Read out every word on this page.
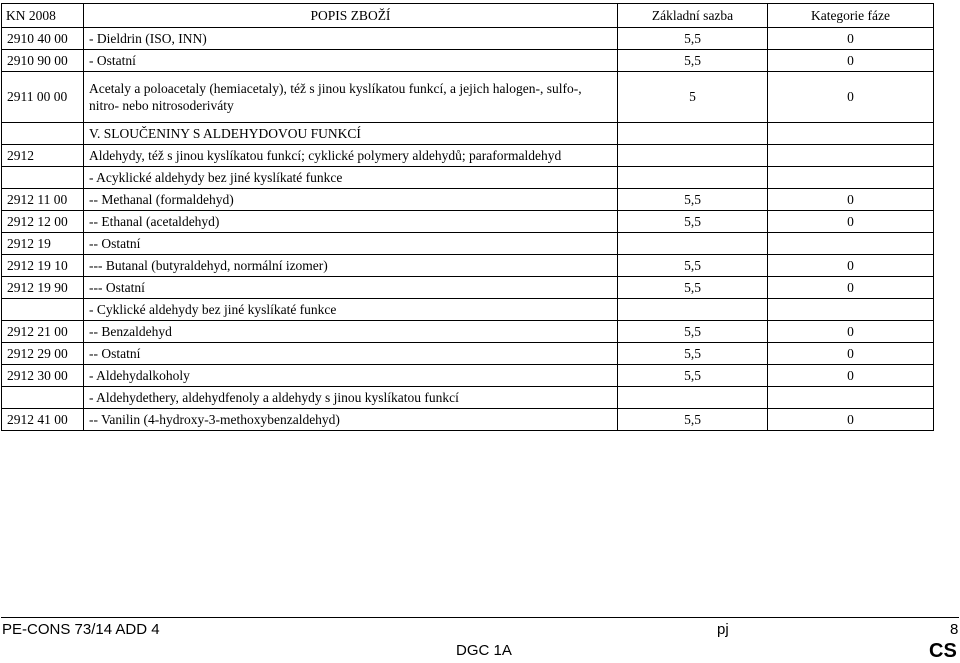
KN 2008	POPIS ZBOŽÍ	Základní sazba	Kategorie fáze
2910 40 00	- Dieldrin (ISO, INN)	5,5	0
2910 90 00	- Ostatní	5,5	0
2911 00 00	Acetaly a poloacetaly (hemiacetaly), též s jinou kyslíkatou funkcí, a jejich halogen-, sulfo-, nitro- nebo nitrosoderiváty	5	0
	V. SLOUČENINY S ALDEHYDOVOU FUNKCÍ		
2912	Aldehydy, též s jinou kyslíkatou funkcí; cyklické polymery aldehydů; paraformaldehyd		
	- Acyklické aldehydy bez jiné kyslíkaté funkce		
2912 11 00	-- Methanal (formaldehyd)	5,5	0
2912 12 00	-- Ethanal (acetaldehyd)	5,5	0
2912 19	-- Ostatní		
2912 19 10	--- Butanal (butyraldehyd, normální izomer)	5,5	0
2912 19 90	--- Ostatní	5,5	0
	- Cyklické aldehydy bez jiné kyslíkaté funkce		
2912 21 00	-- Benzaldehyd	5,5	0
2912 29 00	-- Ostatní	5,5	0
2912 30 00	- Aldehydalkoholy	5,5	0
	- Aldehydethery, aldehydfenoly a aldehydy s jinou kyslíkatou funkcí		
2912 41 00	-- Vanilin (4-hydroxy-3-methoxybenzaldehyd)	5,5	0
PE-CONS 73/14 ADD 4	pj	8
DGC 1A	CS
